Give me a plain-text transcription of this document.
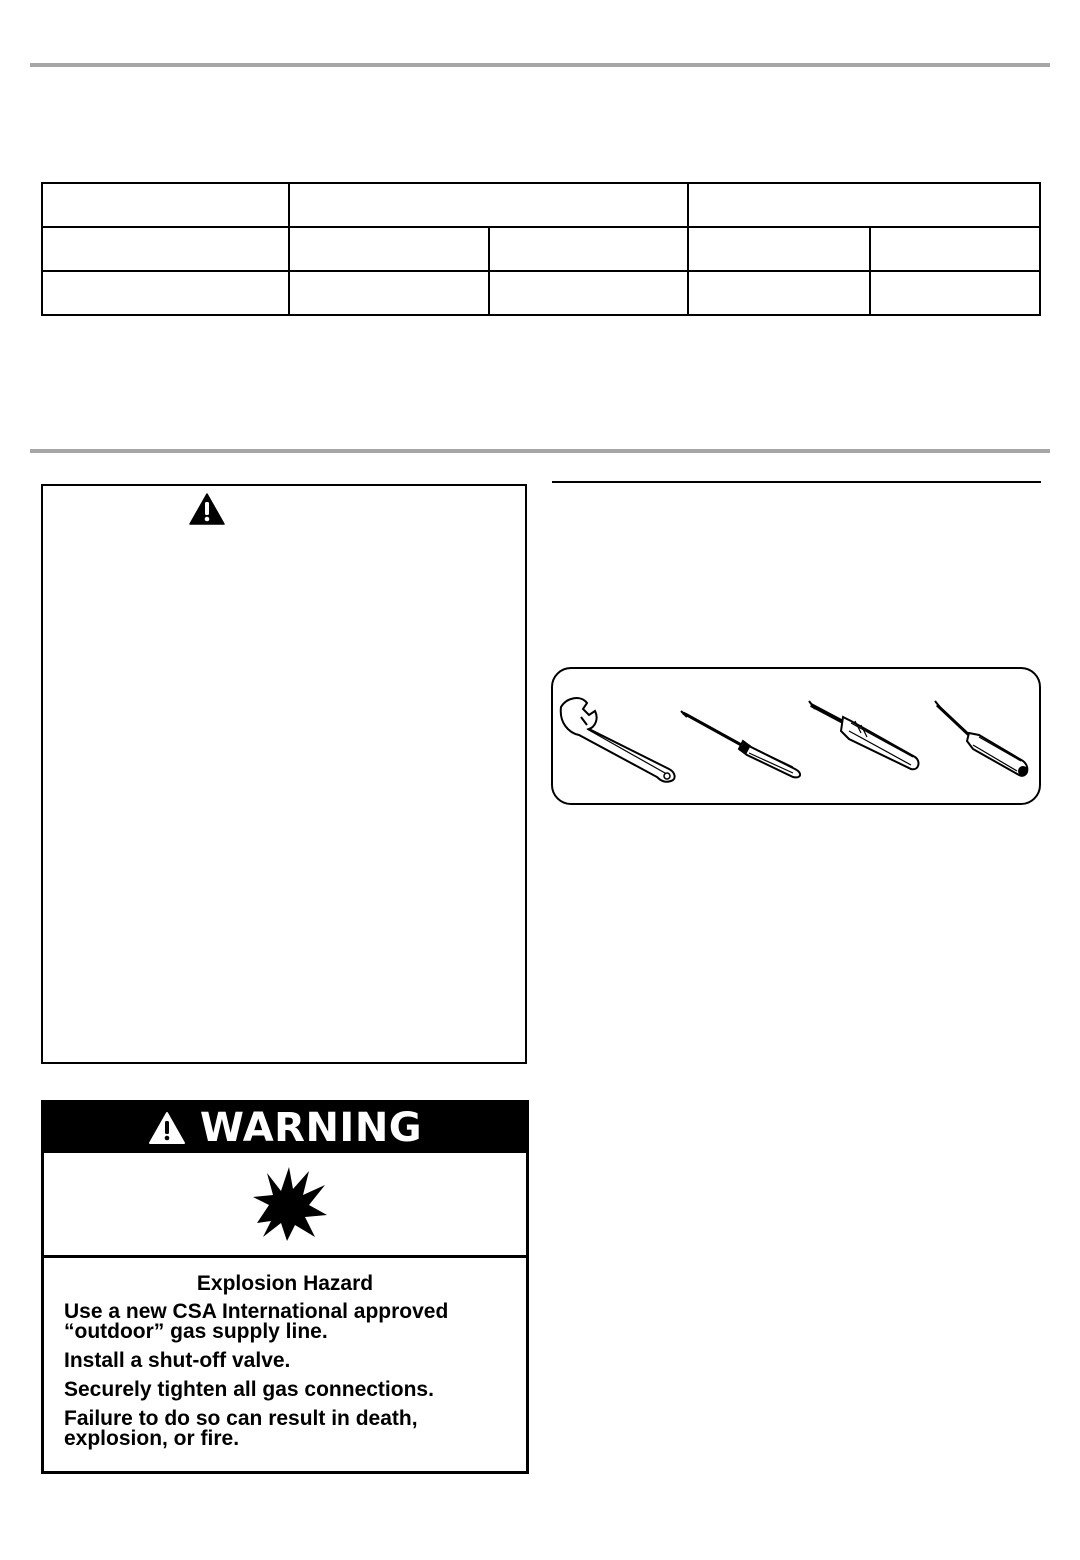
WARNING
Explosion Hazard
Use a new CSA International approved “outdoor” gas supply line.
Install a shut-off valve.
Securely tighten all gas connections.
Failure to do so can result in death, explosion, or fire.
